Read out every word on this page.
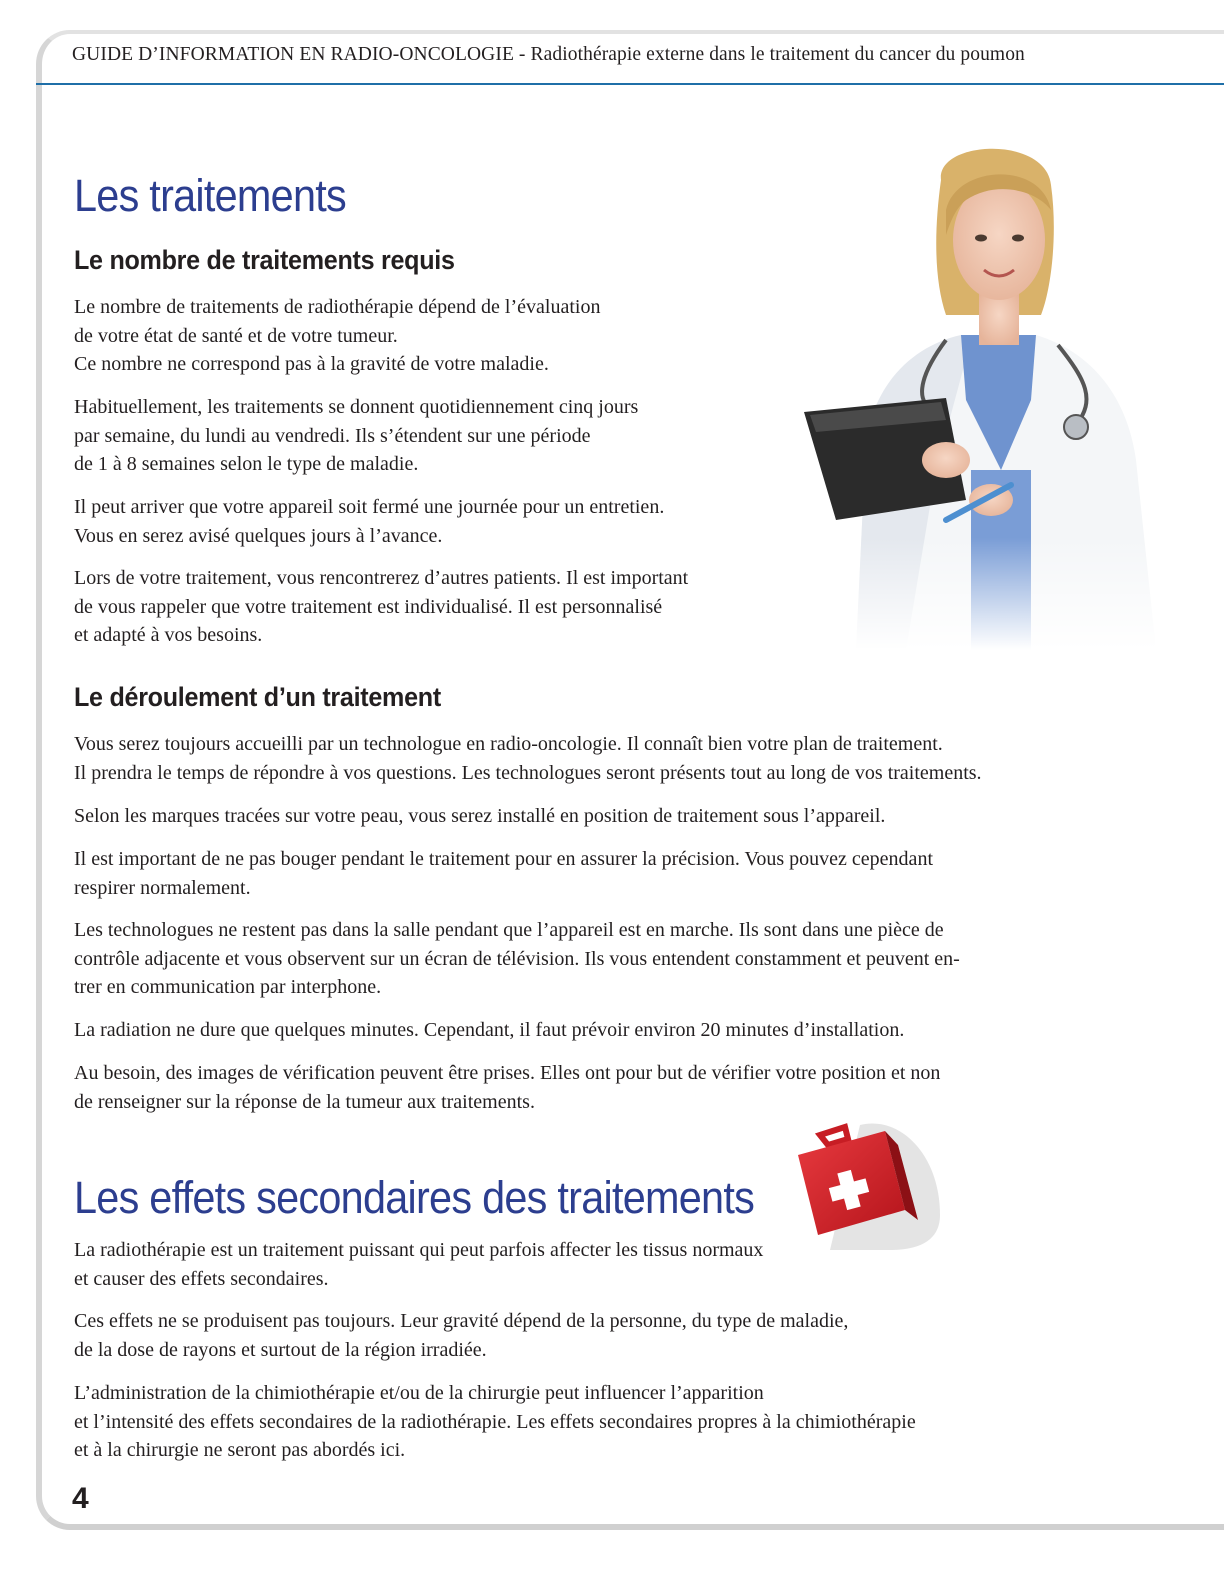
GUIDE D’INFORMATION EN RADIO-ONCOLOGIE - Radiothérapie externe dans le traitement du cancer du poumon
Les traitements
Le nombre de traitements requis
Le nombre de traitements de radiothérapie dépend de l’évaluation
de votre état de santé et de votre tumeur.
Ce nombre ne correspond pas à la gravité de votre maladie.
Habituellement, les traitements se donnent quotidiennement cinq jours
par semaine, du lundi au vendredi. Ils s’étendent sur une période
de 1 à 8 semaines selon le type de maladie.
Il peut arriver que votre appareil soit fermé une journée pour un entretien.
Vous en serez avisé quelques jours à l’avance.
Lors de votre traitement, vous rencontrerez d’autres patients. Il est important
de vous rappeler que votre traitement est individualisé. Il est personnalisé
et adapté à vos besoins.
Le déroulement d’un traitement
Vous serez toujours accueilli par un technologue en radio-oncologie. Il connaît bien votre plan de traitement.
Il prendra le temps de répondre à vos questions. Les technologues seront présents tout au long de vos traitements.
Selon les marques tracées sur votre peau, vous serez installé en position de traitement sous l’appareil.
Il est important de ne pas bouger pendant le traitement pour en assurer la précision. Vous pouvez cependant
respirer normalement.
Les technologues ne restent pas dans la salle pendant que l’appareil est en marche. Ils sont dans une pièce de
contrôle adjacente et vous observent sur un écran de télévision. Ils vous entendent constamment et peuvent en-
trer en communication par interphone.
La radiation ne dure que quelques minutes. Cependant, il faut prévoir environ 20 minutes d’installation.
Au besoin, des images de vérification peuvent être prises. Elles ont pour but de vérifier votre position et non
de renseigner sur la réponse de la tumeur aux traitements.
Les effets secondaires des traitements
La radiothérapie est un traitement puissant qui peut parfois affecter les tissus normaux
et causer des effets secondaires.
Ces effets ne se produisent pas toujours. Leur gravité dépend de la personne, du type de maladie,
de la dose de rayons et surtout de la région irradiée.
L’administration de la chimiothérapie et/ou de la chirurgie peut influencer l’apparition
et l’intensité des effets secondaires de la radiothérapie. Les effets secondaires propres à la chimiothérapie
et à la chirurgie ne seront pas abordés ici.
4
